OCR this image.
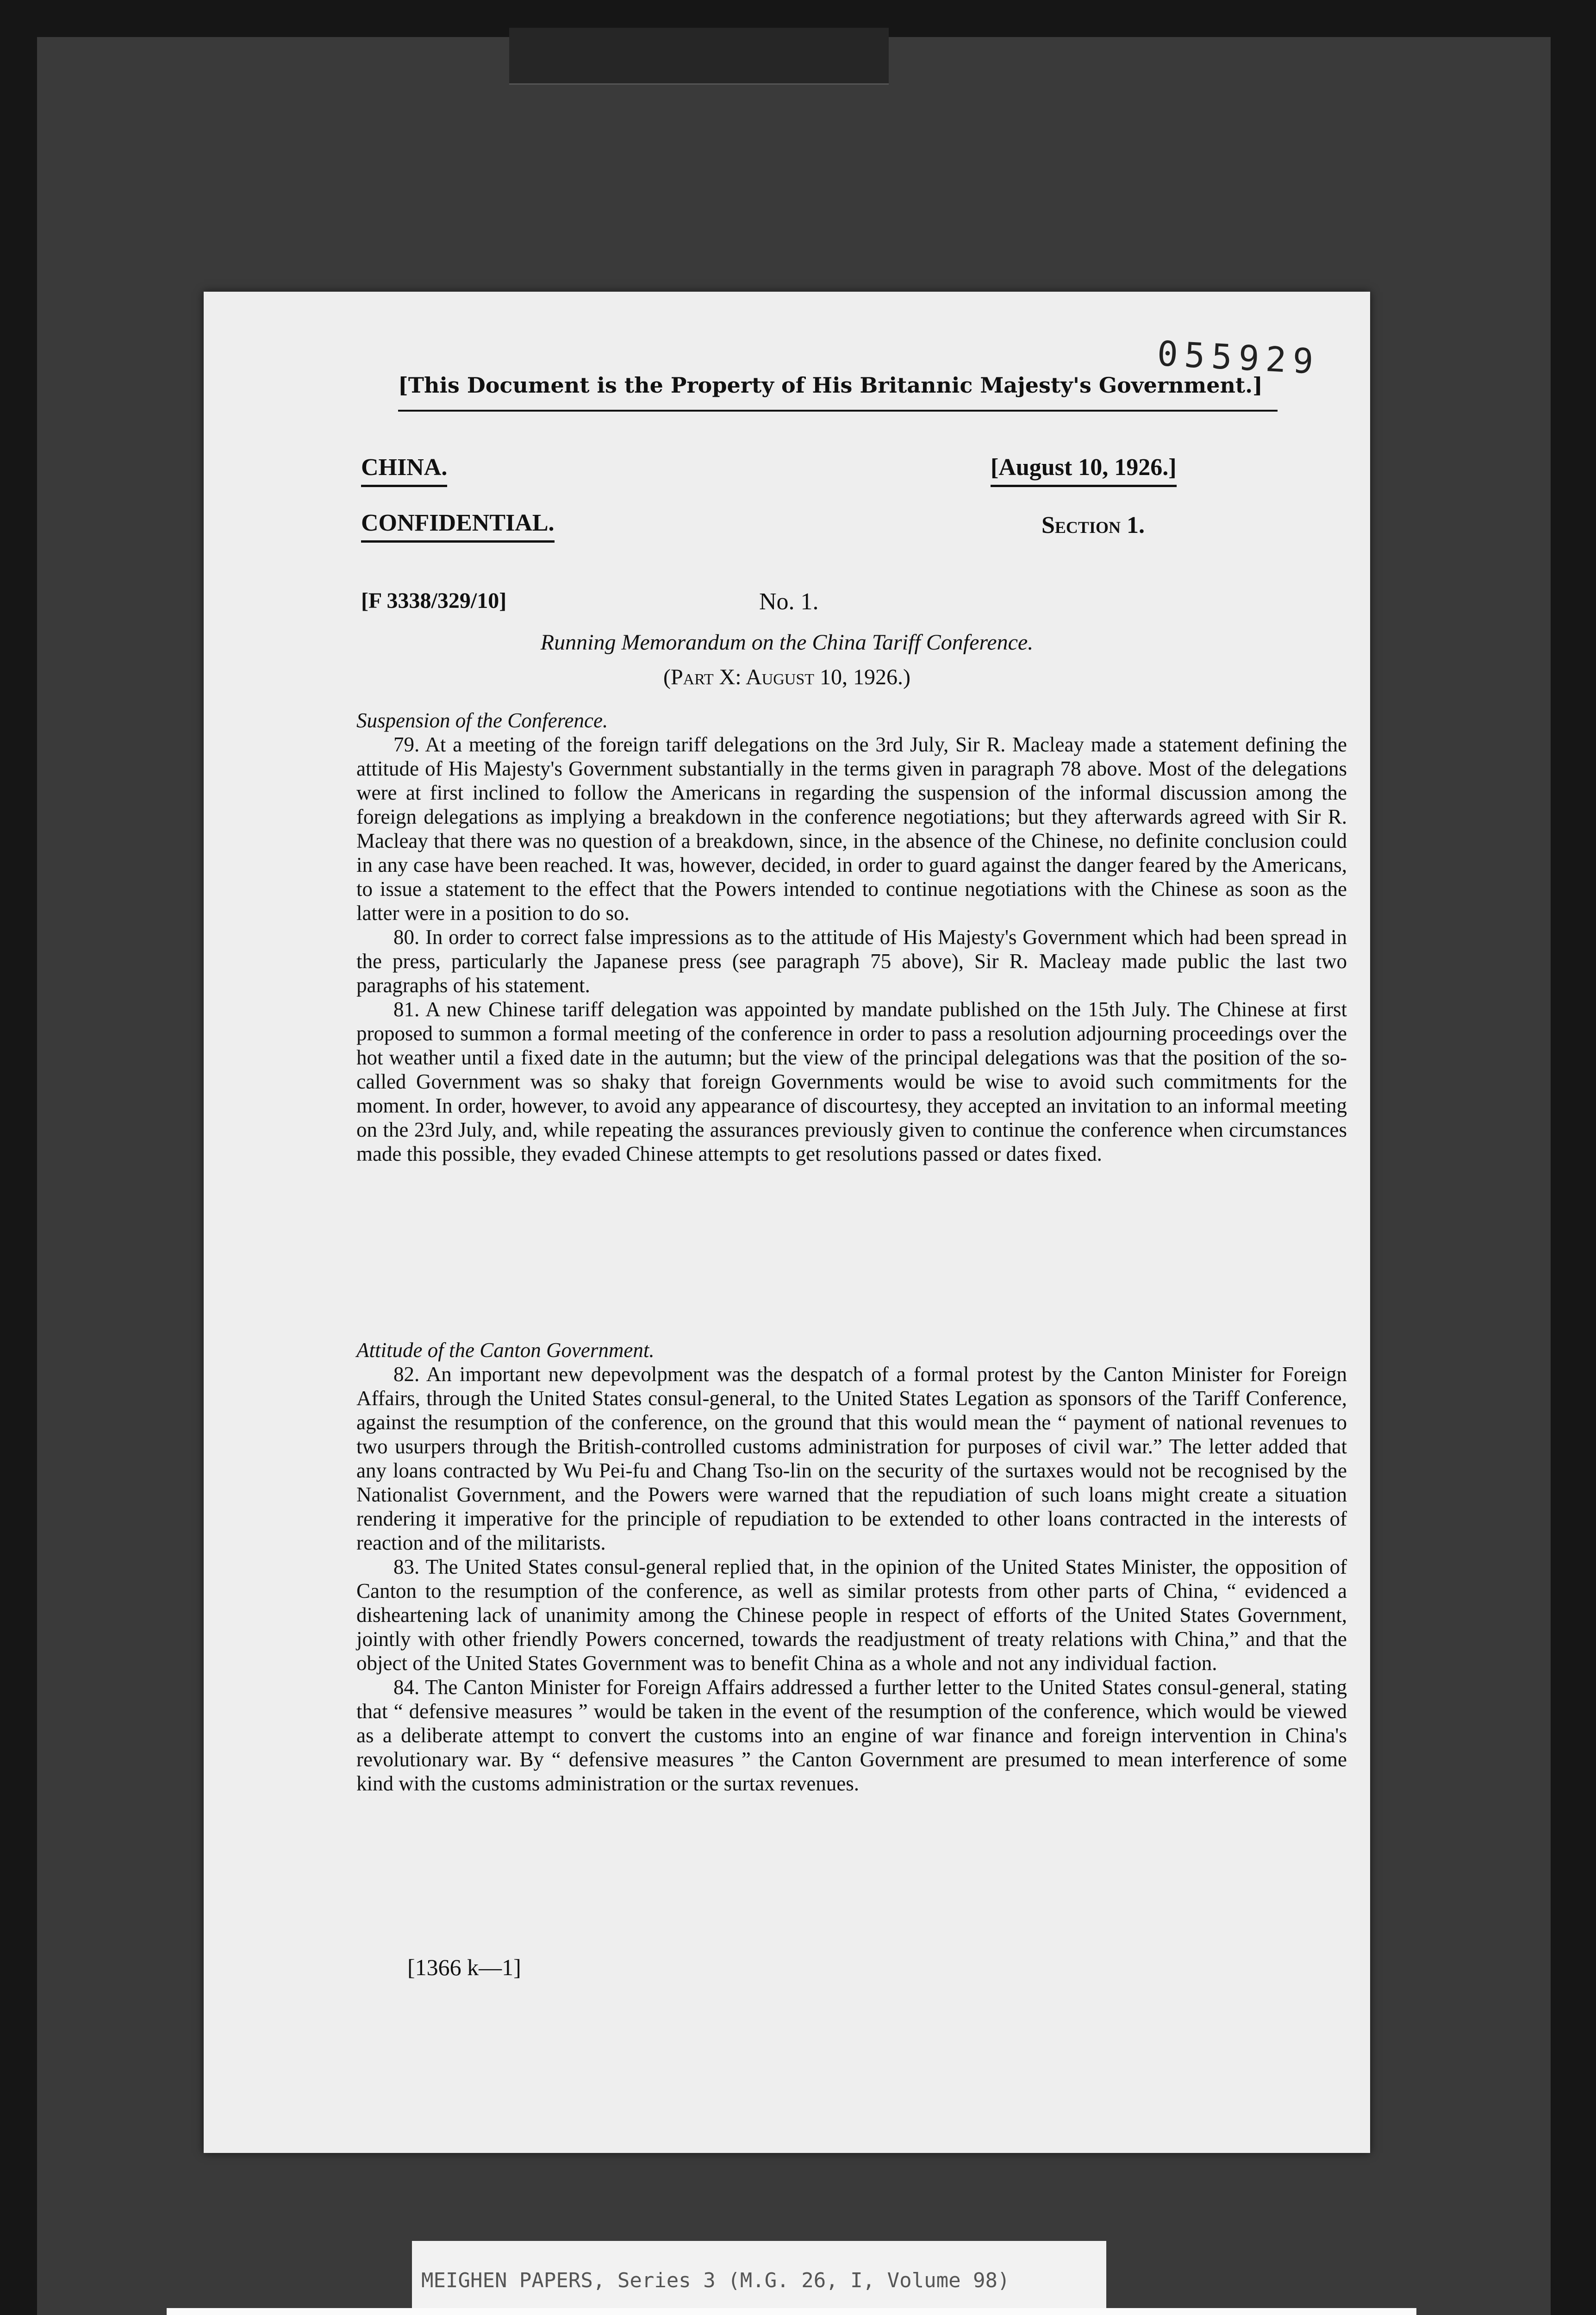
055929
[This Document is the Property of His Britannic Majesty's Government.]
CHINA.	[August 10, 1926.]
CONFIDENTIAL.	Section 1.
[F 3338/329/10]	No. 1.
Running Memorandum on the China Tariff Conference.
(Part X: August 10, 1926.)

Suspension of the Conference.

79. At a meeting of the foreign tariff delegations on the 3rd July, Sir R. Macleay made a statement defining the attitude of His Majesty's Government substantially in the terms given in paragraph 78 above. Most of the delegations were at first inclined to follow the Americans in regarding the suspension of the informal discussion among the foreign delegations as implying a breakdown in the conference negotiations; but they afterwards agreed with Sir R. Macleay that there was no question of a breakdown, since, in the absence of the Chinese, no definite conclusion could in any case have been reached. It was, however, decided, in order to guard against the danger feared by the Americans, to issue a statement to the effect that the Powers intended to continue negotiations with the Chinese as soon as the latter were in a position to do so.

80. In order to correct false impressions as to the attitude of His Majesty's Government which had been spread in the press, particularly the Japanese press (see paragraph 75 above), Sir R. Macleay made public the last two paragraphs of his statement.

81. A new Chinese tariff delegation was appointed by mandate published on the 15th July. The Chinese at first proposed to summon a formal meeting of the conference in order to pass a resolution adjourning proceedings over the hot weather until a fixed date in the autumn; but the view of the principal delegations was that the position of the so-called Government was so shaky that foreign Governments would be wise to avoid such commitments for the moment. In order, however, to avoid any appearance of discourtesy, they accepted an invitation to an informal meeting on the 23rd July, and, while repeating the assurances previously given to continue the conference when circumstances made this possible, they evaded Chinese attempts to get resolutions passed or dates fixed.

Attitude of the Canton Government.

82. An important new depevolpment was the despatch of a formal protest by the Canton Minister for Foreign Affairs, through the United States consul-general, to the United States Legation as sponsors of the Tariff Conference, against the resumption of the conference, on the ground that this would mean the “ payment of national revenues to two usurpers through the British-controlled customs administration for purposes of civil war.” The letter added that any loans contracted by Wu Pei-fu and Chang Tso-lin on the security of the surtaxes would not be recognised by the Nationalist Government, and the Powers were warned that the repudiation of such loans might create a situation rendering it imperative for the principle of repudiation to be extended to other loans contracted in the interests of reaction and of the militarists.

83. The United States consul-general replied that, in the opinion of the United States Minister, the opposition of Canton to the resumption of the conference, as well as similar protests from other parts of China, “ evidenced a disheartening lack of unanimity among the Chinese people in respect of efforts of the United States Government, jointly with other friendly Powers concerned, towards the readjustment of treaty relations with China,” and that the object of the United States Government was to benefit China as a whole and not any individual faction.

84. The Canton Minister for Foreign Affairs addressed a further letter to the United States consul-general, stating that “ defensive measures ” would be taken in the event of the resumption of the conference, which would be viewed as a deliberate attempt to convert the customs into an engine of war finance and foreign intervention in China's revolutionary war. By “ defensive measures ” the Canton Government are presumed to mean interference of some kind with the customs administration or the surtax revenues.

[1366 k—1]
MEIGHEN PAPERS, Series 3 (M.G. 26, I, Volume 98)
